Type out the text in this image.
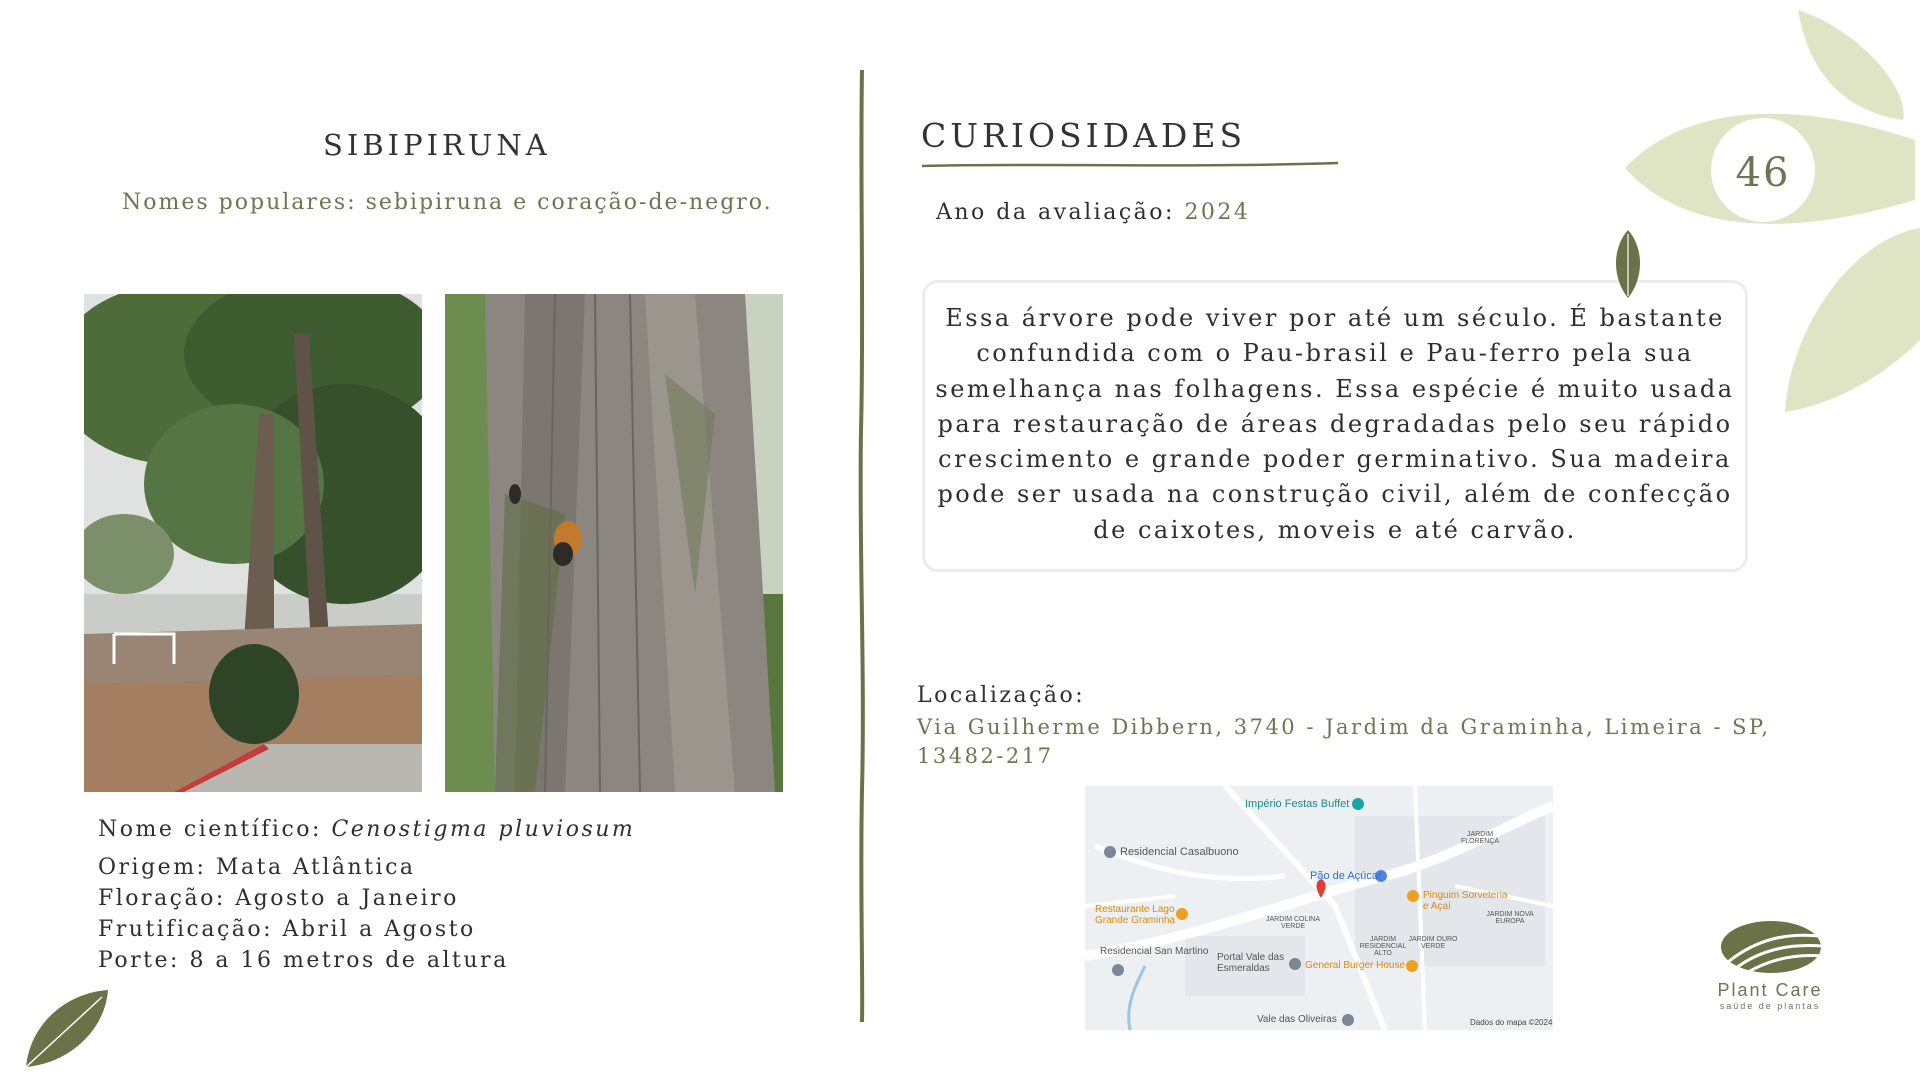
46
SIBIPIRUNA
Nomes populares: sebipiruna e coração-de-negro.
Nome científico: Cenostigma pluviosum
Origem: Mata Atlântica
Floração: Agosto a Janeiro
Frutificação: Abril a Agosto
Porte: 8 a 16 metros de altura
CURIOSIDADES
Ano da avaliação: 2024
Essa árvore pode viver por até um século. É bastante confundida com o Pau-brasil e Pau-ferro pela sua semelhança nas folhagens. Essa espécie é muito usada para restauração de áreas degradadas pelo seu rápido crescimento e grande poder germinativo. Sua madeira pode ser usada na construção civil, além de confecção de caixotes, moveis e até carvão.
Localização:
Via Guilherme Dibbern, 3740 - Jardim da Graminha, Limeira - SP, 13482-217
Império Festas Buffet
Residencial Casalbuono
Pão de Açúcar
Pinguim Sorveteria e Açaí
Restaurante Lago Grande Graminha	JARDIM COLINA VERDE
JARDIM RESIDENCIAL ALTO
JARDIM OURO VERDE
JARDIM FLORENÇA
JARDIM NOVA EUROPA
Residencial San Martino
Portal Vale das Esmeraldas	General Burger House
Vale das Oliveiras	Dados do mapa ©2024
Plant Care
saúde de plantas
